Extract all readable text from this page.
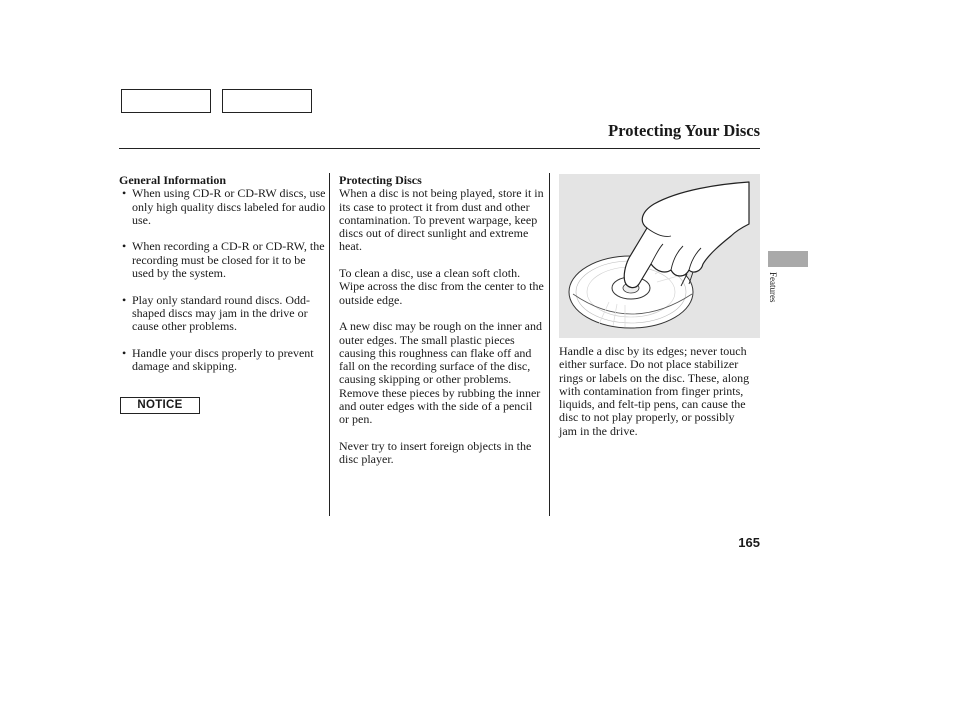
Protecting Your Discs
General Information
• When using CD-R or CD-RW discs, use only high quality discs labeled for audio use.
• When recording a CD-R or CD-RW, the recording must be closed for it to be used by the system.
• Play only standard round discs. Odd-shaped discs may jam in the drive or cause other problems.
• Handle your discs properly to prevent damage and skipping.
NOTICE
Protecting Discs

When a disc is not being played, store it in its case to protect it from dust and other contamination. To prevent warpage, keep discs out of direct sunlight and extreme heat.

To clean a disc, use a clean soft cloth. Wipe across the disc from the center to the outside edge.

A new disc may be rough on the inner and outer edges. The small plastic pieces causing this roughness can flake off and fall on the recording surface of the disc, causing skipping or other problems. Remove these pieces by rubbing the inner and outer edges with the side of a pencil or pen.

Never try to insert foreign objects in the disc player.

Handle a disc by its edges; never touch either surface. Do not place stabilizer rings or labels on the disc. These, along with contamination from finger prints, liquids, and felt-tip pens, can cause the disc to not play properly, or possibly jam in the drive.

Features
165
